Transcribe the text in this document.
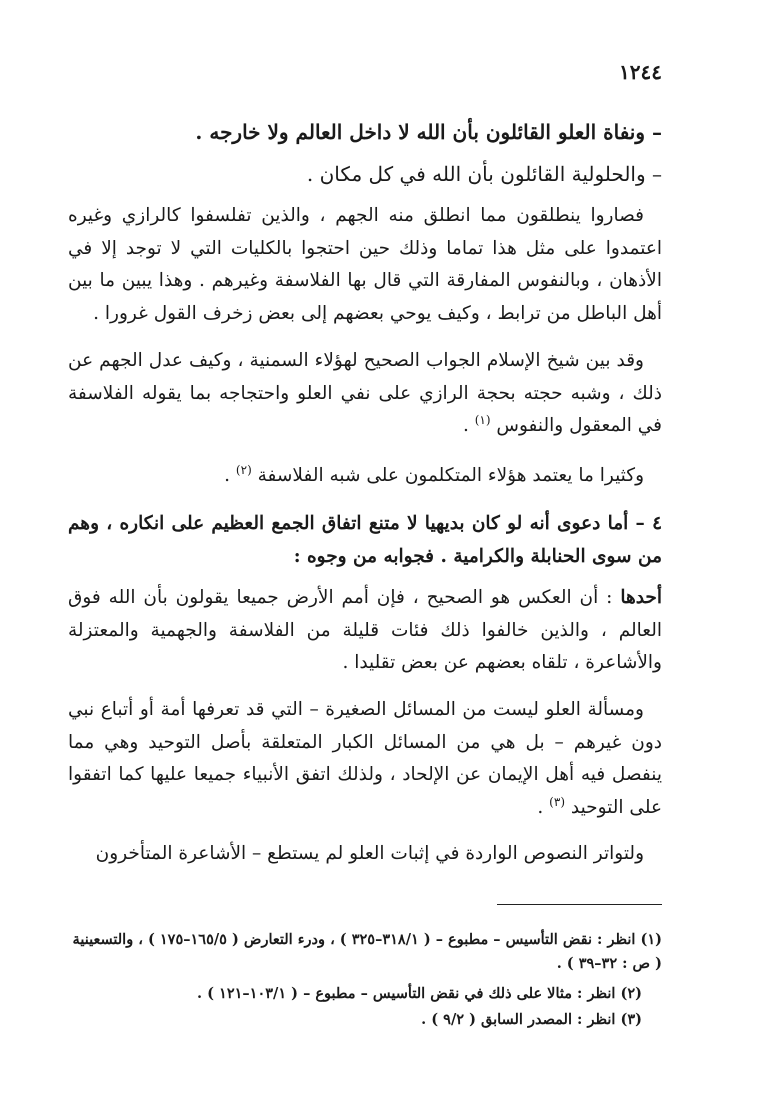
١٢٤٤
– ونفاة العلو القائلون بأن الله لا داخل العالم ولا خارجه .
– والحلولية القائلون بأن الله في كل مكان .
فصاروا ينطلقون مما انطلق منه الجهم ، والذين تفلسفوا كالرازي وغيره اعتمدوا على مثل هذا تماما وذلك حين احتجوا بالكليات التي لا توجد إلا في الأذهان ، وبالنفوس المفارقة التي قال بها الفلاسفة وغيرهم . وهذا يبين ما بين أهل الباطل من ترابط ، وكيف يوحي بعضهم إلى بعض زخرف القول غرورا .
وقد بين شيخ الإسلام الجواب الصحيح لهؤلاء السمنية ، وكيف عدل الجهم عن ذلك ، وشبه حجته بحجة الرازي على نفي العلو واحتجاجه بما يقوله الفلاسفة في المعقول والنفوس $^{(١)}$ .
وكثيرا ما يعتمد هؤلاء المتكلمون على شبه الفلاسفة $^{(٢)}$ .
٤ – أما دعوى أنه لو كان بديهيا لا متنع اتفاق الجمع العظيم على انكاره ، وهم من سوى الحنابلة والكرامية . فجوابه من وجوه :
أحدها : أن العكس هو الصحيح ، فإن أمم الأرض جميعا يقولون بأن الله فوق العالم ، والذين خالفوا ذلك فئات قليلة من الفلاسفة والجهمية والمعتزلة والأشاعرة ، تلقاه بعضهم عن بعض تقليدا .
ومسألة العلو ليست من المسائل الصغيرة – التي قد تعرفها أمة أو أتباع نبي دون غيرهم – بل هي من المسائل الكبار المتعلقة بأصل التوحيد وهي مما ينفصل فيه أهل الإيمان عن الإلحاد ، ولذلك اتفق الأنبياء جميعا عليها كما اتفقوا على التوحيد $^{(٣)}$ .
ولتواتر النصوص الواردة في إثبات العلو لم يستطع – الأشاعرة المتأخرون
(١) انظر : نقض التأسيس – مطبوع – ( ٣١٨/١–٣٢٥ ) ، ودرء التعارض ( ١٦٥/٥–١٧٥ ) ، والتسعينية ( ص : ٣٢–٣٩ ) .
(٢) انظر : مثالا على ذلك في نقض التأسيس – مطبوع – ( ١٠٣/١–١٢١ ) .
(٣) انظر : المصدر السابق ( ٩/٢ ) .
